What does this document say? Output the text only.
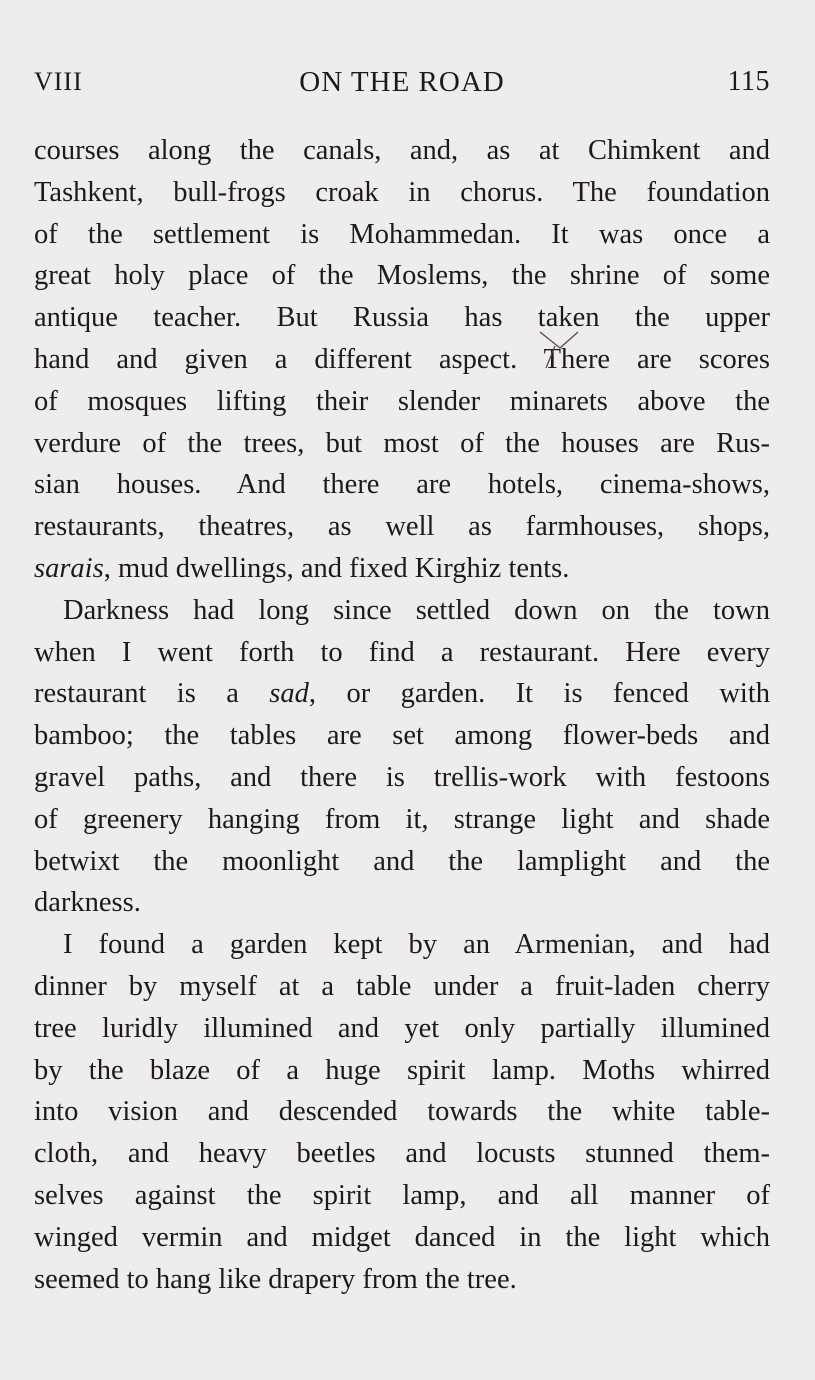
VIII	ON THE ROAD	115
courses along the canals, and, as at Chimkent and
Tashkent, bull-frogs croak in chorus. The foundation
of the settlement is Mohammedan. It was once a
great holy place of the Moslems, the shrine of some
antique teacher. But Russia has taken the upper
hand and given a different aspect. There are scores
of mosques lifting their slender minarets above the
verdure of the trees, but most of the houses are Rus-
sian houses. And there are hotels, cinema-shows,
restaurants, theatres, as well as farmhouses, shops,
sarais, mud dwellings, and fixed Kirghiz tents.
Darkness had long since settled down on the town
when I went forth to find a restaurant. Here every
restaurant is a sad, or garden. It is fenced with
bamboo; the tables are set among flower-beds and
gravel paths, and there is trellis-work with festoons
of greenery hanging from it, strange light and shade
betwixt the moonlight and the lamplight and the
darkness.
I found a garden kept by an Armenian, and had
dinner by myself at a table under a fruit-laden cherry
tree luridly illumined and yet only partially illumined
by the blaze of a huge spirit lamp. Moths whirred
into vision and descended towards the white table-
cloth, and heavy beetles and locusts stunned them-
selves against the spirit lamp, and all manner of
winged vermin and midget danced in the light which
seemed to hang like drapery from the tree.
